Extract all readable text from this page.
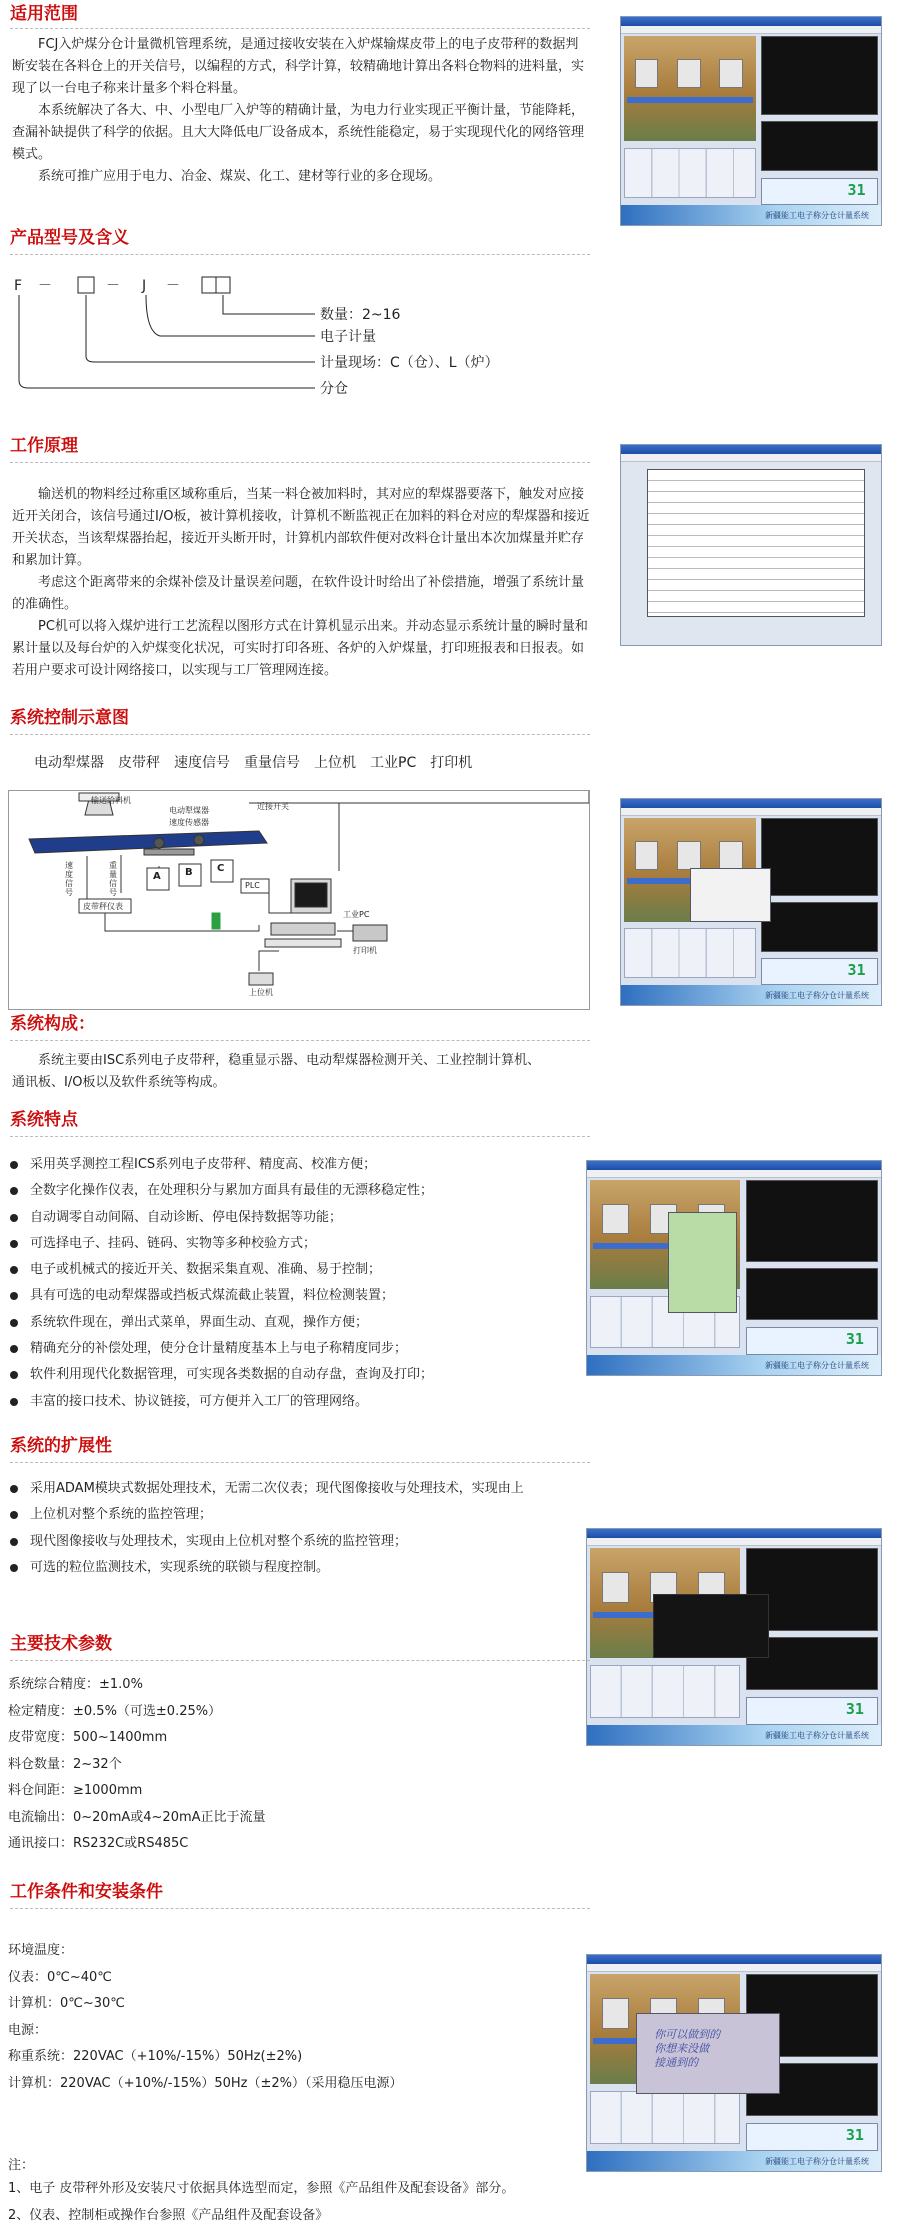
适用范围

FCJ入炉煤分仓计量微机管理系统，是通过接收安装在入炉煤输煤皮带上的电子皮带秤的数据判断安装在各料仓上的开关信号，以编程的方式，科学计算，较精确地计算出各料仓物料的进料量，实现了以一台电子称来计量多个料仓料量。

本系统解决了各大、中、小型电厂入炉等的精确计量，为电力行业实现正平衡计量，节能降耗，查漏补缺提供了科学的依据。且大大降低电厂设备成本，系统性能稳定，易于实现现代化的网络管理模式。

系统可推广应用于电力、冶金、煤炭、化工、建材等行业的多仓现场。

31
新疆能工电子称分仓计量系统
产品型号及含义
F －	－ J －
数量：2~16
电子计量
计量现场：C（仓）、L（炉）
分仓
工作原理

输送机的物料经过称重区域称重后，当某一料仓被加料时，其对应的犁煤器要落下，触发对应接近开关闭合，该信号通过I/O板，被计算机接收，计算机不断监视正在加料的料仓对应的犁煤器和接近开关状态，当该犁煤器抬起，接近开头断开时，计算机内部软件便对改料仓计量出本次加煤量并贮存和累加计算。

考虑这个距离带来的余煤补偿及计量误差问题，在软件设计时给出了补偿措施，增强了系统计量的准确性。

PC机可以将入煤炉进行工艺流程以图形方式在计算机显示出来。并动态显示系统计量的瞬时量和累计量以及每台炉的入炉煤变化状况，可实时打印各班、各炉的入炉煤量，打印班报表和日报表。如若用户要求可设计网络接口，以实现与工厂管理网连接。

系统控制示意图
电动犁煤器　皮带秤　速度信号　重量信号　上位机　工业PC　打印机
输送给料机
电动犁煤器	近接开关
速度传感器
速度信号
重量信号
皮带秤仪表
A B C
PLC
工业PC
打印机
上位机
31
新疆能工电子称分仓计量系统
系统构成：

系统主要由ISC系列电子皮带秤，稳重显示器、电动犁煤器检测开关、工业控制计算机、通讯板、I/O板以及软件系统等构成。

系统特点
采用英孚测控工程ICS系列电子皮带秤、精度高、校准方便；
全数字化操作仪表，在处理积分与累加方面具有最佳的无漂移稳定性；
自动调零自动间隔、自动诊断、停电保持数据等功能；
可选择电子、挂码、链码、实物等多种校验方式；
电子或机械式的接近开关、数据采集直观、准确、易于控制；
具有可选的电动犁煤器或挡板式煤流截止装置，料位检测装置；
系统软件现在，弹出式菜单，界面生动、直观，操作方便；
精确充分的补偿处理，使分仓计量精度基本上与电子称精度同步；
软件利用现代化数据管理，可实现各类数据的自动存盘，查询及打印；
丰富的接口技术、协议链接，可方便并入工厂的管理网络。
31
新疆能工电子称分仓计量系统
系统的扩展性
采用ADAM模块式数据处理技术，无需二次仪表；现代图像接收与处理技术，实现由上
上位机对整个系统的监控管理；
现代图像接收与处理技术，实现由上位机对整个系统的监控管理；
可选的粒位监测技术，实现系统的联锁与程度控制。
31
新疆能工电子称分仓计量系统
主要技术参数
系统综合精度：±1.0%
检定精度：±0.5%（可选±0.25%）
皮带宽度：500~1400mm
料仓数量：2~32个
料仓间距：≥1000mm
电流输出：0~20mA或4~20mA正比于流量
通讯接口：RS232C或RS485C
工作条件和安装条件
环境温度：
仪表：0℃~40℃
计算机：0℃~30℃
电源：
称重系统：220VAC（+10%/-15%）50Hz(±2%)
计算机：220VAC（+10%/-15%）50Hz（±2%）（采用稳压电源）
31
你可以做到的
你想来没做
接通到的
新疆能工电子称分仓计量系统
注：
1、电子 皮带秤外形及安装尺寸依据具体选型而定，参照《产品组件及配套设备》部分。
2、仪表、控制柜或操作台参照《产品组件及配套设备》
